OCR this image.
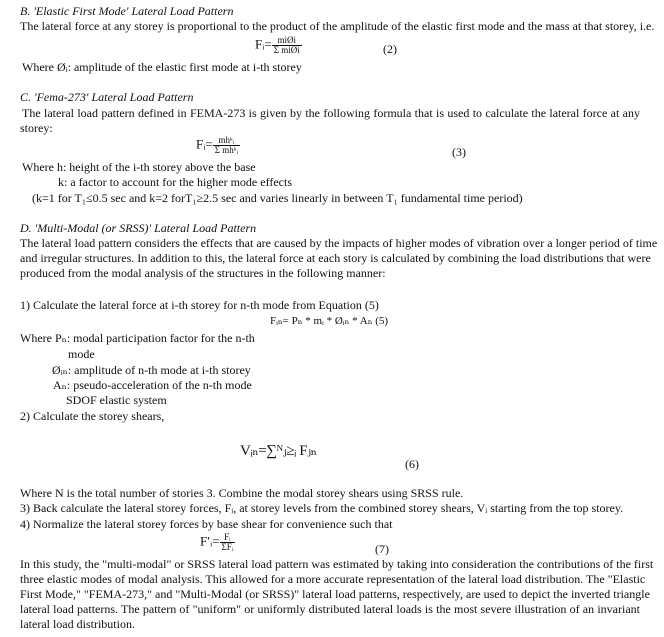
B. 'Elastic First Mode' Lateral Load Pattern
The lateral force at any storey is proportional to the product of the amplitude of the elastic first mode and the mass at that storey, i.e.
Fᵢ= $\frac{\text{miØi}}{\text{Σ miØi}}$	(2)
Where Øᵢ: amplitude of the elastic first mode at i-th storey
C. 'Fema-273' Lateral Load Pattern
The lateral load pattern defined in FEMA-273 is given by the following formula that is used to calculate the lateral force at any
storey:
Fᵢ= $\frac{\text{mhᵏᵢ}}{\text{Σ mhᵏᵢ}}$	(3)
Where h: height of the i-th storey above the base
k: a factor to account for the higher mode effects
(k=1 for T₁≤0.5 sec and k=2 forT₁≥2.5 sec and varies linearly in between T₁ fundamental time period)
D. 'Multi-Modal (or SRSS)' Lateral Load Pattern
The lateral load pattern considers the effects that are caused by the impacts of higher modes of vibration over a longer period of time
and irregular structures. In addition to this, the lateral force at each story is calculated by combining the load distributions that were
produced from the modal analysis of the structures in the following manner:
1) Calculate the lateral force at i-th storey for n-th mode from Equation (5)
Fᵢₙ= Pₙ * mᵢ * Øᵢₙ * Aₙ (5)
Where Pₙ: modal participation factor for the n-th
mode
Øᵢₙ: amplitude of n-th mode at i-th storey
Aₙ: pseudo-acceleration of the n-th mode
SDOF elastic system
2) Calculate the storey shears,
Vᵢₙ=∑ᴺⱼ≥ᵢ Fⱼₙ
(6)
Where N is the total number of stories 3. Combine the modal storey shears using SRSS rule.
3) Back calculate the lateral storey forces, Fᵢ, at storey levels from the combined storey shears, Vᵢ starting from the top storey.
4) Normalize the lateral storey forces by base shear for convenience such that
F′ᵢ= $\frac{\text{Fᵢ}}{\text{ΣFᵢ}}$	(7)
In this study, the "multi-modal" or SRSS lateral load pattern was estimated by taking into consideration the contributions of the first
three elastic modes of modal analysis. This allowed for a more accurate representation of the lateral load distribution. The "Elastic
First Mode," "FEMA-273," and "Multi-Modal (or SRSS)" lateral load patterns, respectively, are used to depict the inverted triangle
lateral load patterns. The pattern of "uniform" or uniformly distributed lateral loads is the most severe illustration of an invariant
lateral load distribution.
